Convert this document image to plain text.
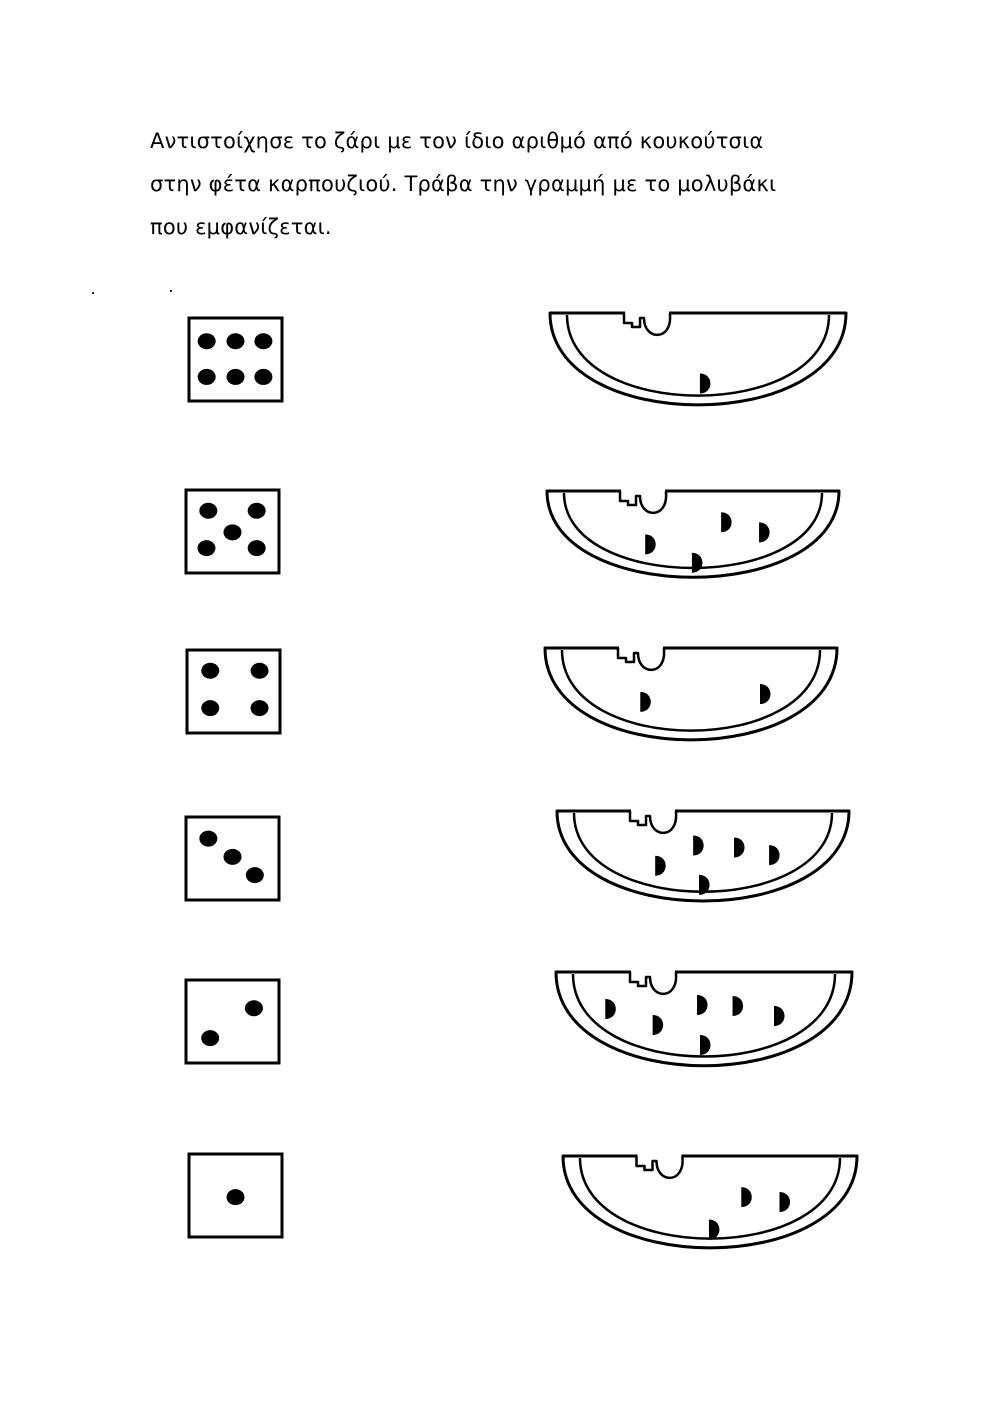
Αντιστοίχησε το ζάρι με τον ίδιο αριθμό από κουκούτσια
στην φέτα καρπουζιού. Τράβα την γραμμή με το μολυβάκι
που εμφανίζεται.
